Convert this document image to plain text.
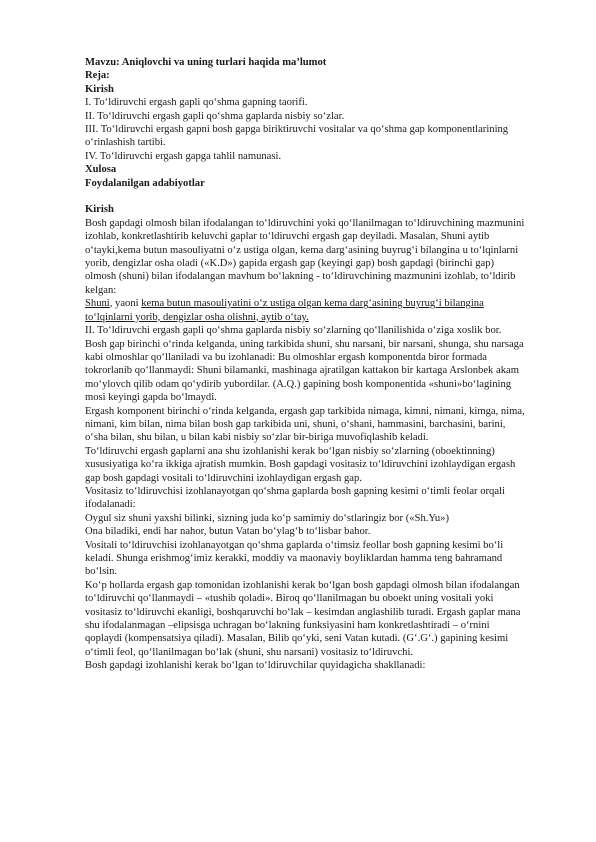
Mavzu: Aniqlovchi va uning turlari haqida ma’lumot

Reja:

Kirish

I. To‘ldiruvchi ergash gapli qo‘shma gapning taorifi.

II. To‘ldiruvchi ergash gapli qo‘shma gaplarda nisbiy so‘zlar.

III. To‘ldiruvchi ergash gapni bosh gapga biriktiruvchi vositalar va qo‘shma gap komponentlarining o‘rinlashish tartibi.

IV. To‘ldiruvchi ergash gapga tahlil namunasi.

Xulosa

Foydalanilgan adabiyotlar

Kirish

Bosh gapdagi olmosh bilan ifodalangan to‘ldiruvchini yoki qo‘llanilmagan to‘ldiruvchining mazmunini izohlab, konkretlashtirib keluvchi gaplar to‘ldiruvchi ergash gap deyiladi. Masalan, Shuni aytib o‘tayki,kema butun masouliyatni o‘z ustiga olgan, kema darg‘asining buyrug‘i bilangina u to‘lqinlarni yorib, dengizlar osha oladi («K.D») gapida ergash gap (keyingi gap) bosh gapdagi (birinchi gap) olmosh (shuni) bilan ifodalangan mavhum bo‘lakning - to‘ldiruvchining mazmunini izohlab, to‘ldirib kelgan:

Shuni, yaoni kema butun masouliyatini o‘z ustiga olgan kema darg‘asining buyrug‘i bilangina to‘lqinlarni yorib, dengizlar osha olishni, aytib o‘tay.

II. To‘ldiruvchi ergash gapli qo‘shma gaplarda nisbiy so‘zlarning qo‘llanilishida o‘ziga xoslik bor.

Bosh gap birinchi o‘rinda kelganda, uning tarkibida shuni, shu narsani, bir narsani, shunga, shu narsaga kabi olmoshlar qo‘llaniladi va bu izohlanadi: Bu olmoshlar ergash komponentda biror formada tokrorlanib qo‘llanmaydi: Shuni bilamanki, mashinaga ajratilgan kattakon bir kartaga Arslonbek akam mo‘ylovch qilib odam qo‘ydirib yubordilar. (A.Q.) gapining bosh komponentida «shuni»bo‘lagining mosi keyingi gapda bo‘lmaydi.

Ergash komponent birinchi o‘rinda kelganda, ergash gap tarkibida nimaga, kimni, nimani, kimga, nima, nimani, kim bilan, nima bilan bosh gap tarkibida uni, shuni, o‘shani, hammasini, barchasini, barini, o‘sha bilan, shu bilan, u bilan kabi nisbiy so‘zlar bir-biriga muvofiqlashib keladi.

To‘ldiruvchi ergash gaplarni ana shu izohlanishi kerak bo‘lgan nisbiy so‘zlarning (oboektinning) xususiyatiga ko‘ra ikkiga ajratish mumkin. Bosh gapdagi vositasiz to‘ldiruvchini izohlaydigan ergash gap bosh gapdagi vositali to‘ldiruvchini izohlaydigan ergash gap.

Vositasiz to‘ldiruvchisi izohlanayotgan qo‘shma gaplarda bosh gapning kesimi o‘timli feolar orqali ifodalanadi:

Oygul siz shuni yaxshi bilinki, sizning juda ko‘p samimiy do‘stlaringiz bor («Sh.Yu»)

Ona biladiki, endi har nahor, butun Vatan bo‘ylag‘b to‘lisbar bahor.

Vositali to‘ldiruvchisi izohlanayotgan qo‘shma gaplarda o‘timsiz feollar bosh gapning kesimi bo‘li keladi. Shunga erishmog‘imiz kerakki, moddiy va maonaviy boyliklardan hamma teng bahramand bo‘lsin.

Ko‘p hollarda ergash gap tomonidan izohlanishi kerak bo‘lgan bosh gapdagi olmosh bilan ifodalangan to‘ldiruvchi qo‘llanmaydi – «tushib qoladi». Biroq qo‘llanilmagan bu oboekt uning vositali yoki vositasiz to‘ldiruvchi ekanligi, boshqaruvchi bo‘lak – kesimdan anglashilib turadi. Ergash gaplar mana shu ifodalanmagan –elipsisga uchragan bo‘lakning funksiyasini ham konkretlashtiradi – o‘rnini qoplaydi (kompensatsiya qiladi). Masalan, Bilib qo‘yki, seni Vatan kutadi. (G‘.G‘.) gapining kesimi o‘timli feol, qo‘llanilmagan bo‘lak (shuni, shu narsani) vositasiz to‘ldiruvchi.

Bosh gapdagi izohlanishi kerak bo‘lgan to‘ldiruvchilar quyidagicha shakllanadi:
